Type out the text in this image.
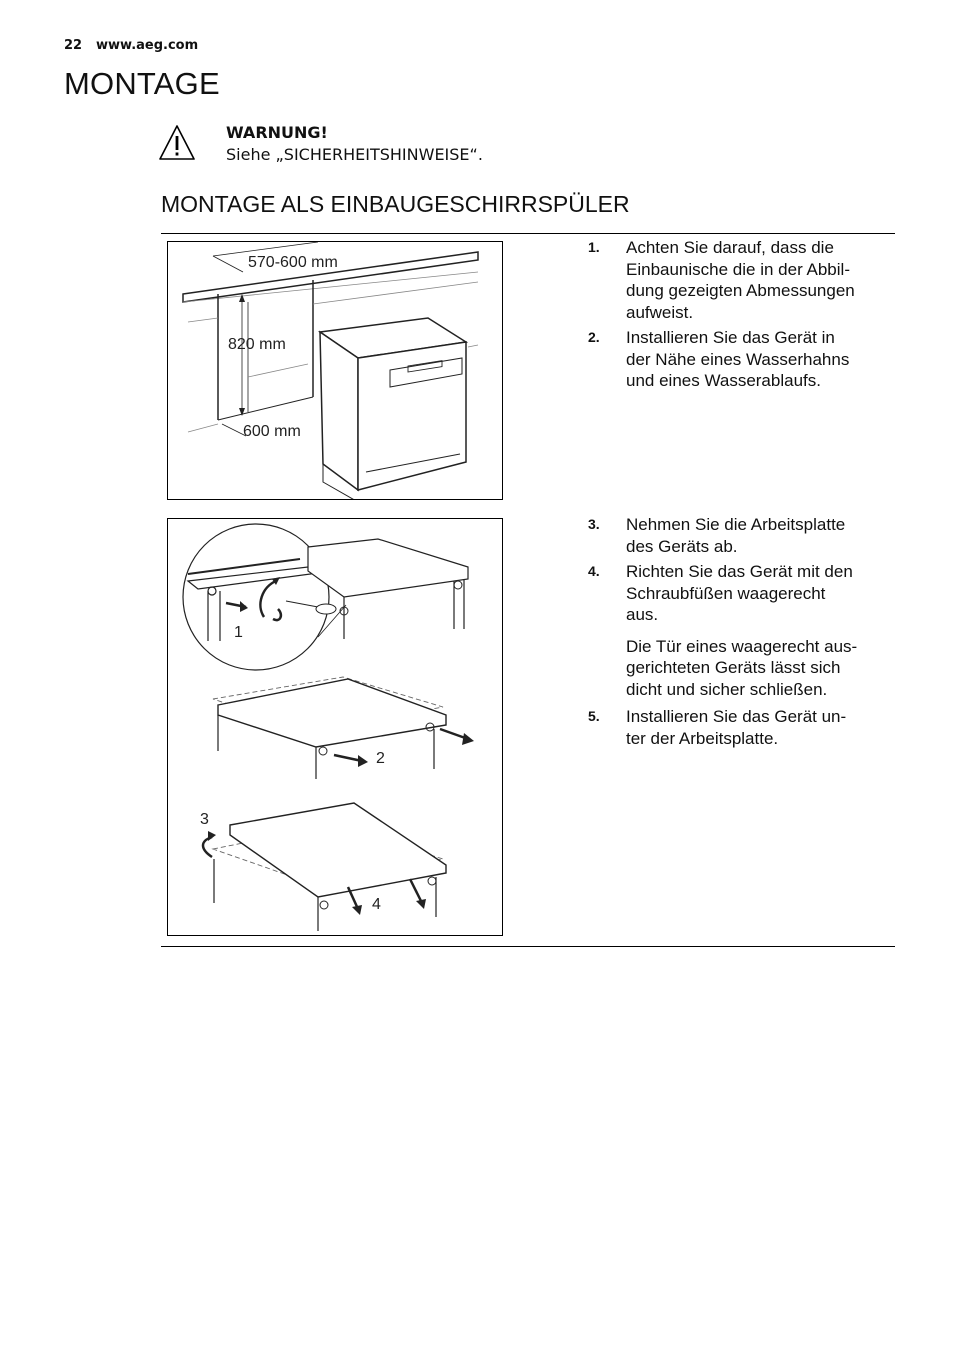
22 www.aeg.com
MONTAGE
WARNUNG!
Siehe „SICHERHEITSHINWEISE“.
MONTAGE ALS EINBAUGESCHIRRSPÜLER
570-600 mm
820 mm
600 mm
1
2
3
4
1. Achten Sie darauf, dass die
Einbaunische die in der Abbil-
dung gezeigten Abmessungen
aufweist.
2. Installieren Sie das Gerät in
der Nähe eines Wasserhahns
und eines Wasserablaufs.
3. Nehmen Sie die Arbeitsplatte
des Geräts ab.
4. Richten Sie das Gerät mit den
Schraubfüßen waagerecht
aus.
Die Tür eines waagerecht aus-
gerichteten Geräts lässt sich
dicht und sicher schließen.
5. Installieren Sie das Gerät un-
ter der Arbeitsplatte.
